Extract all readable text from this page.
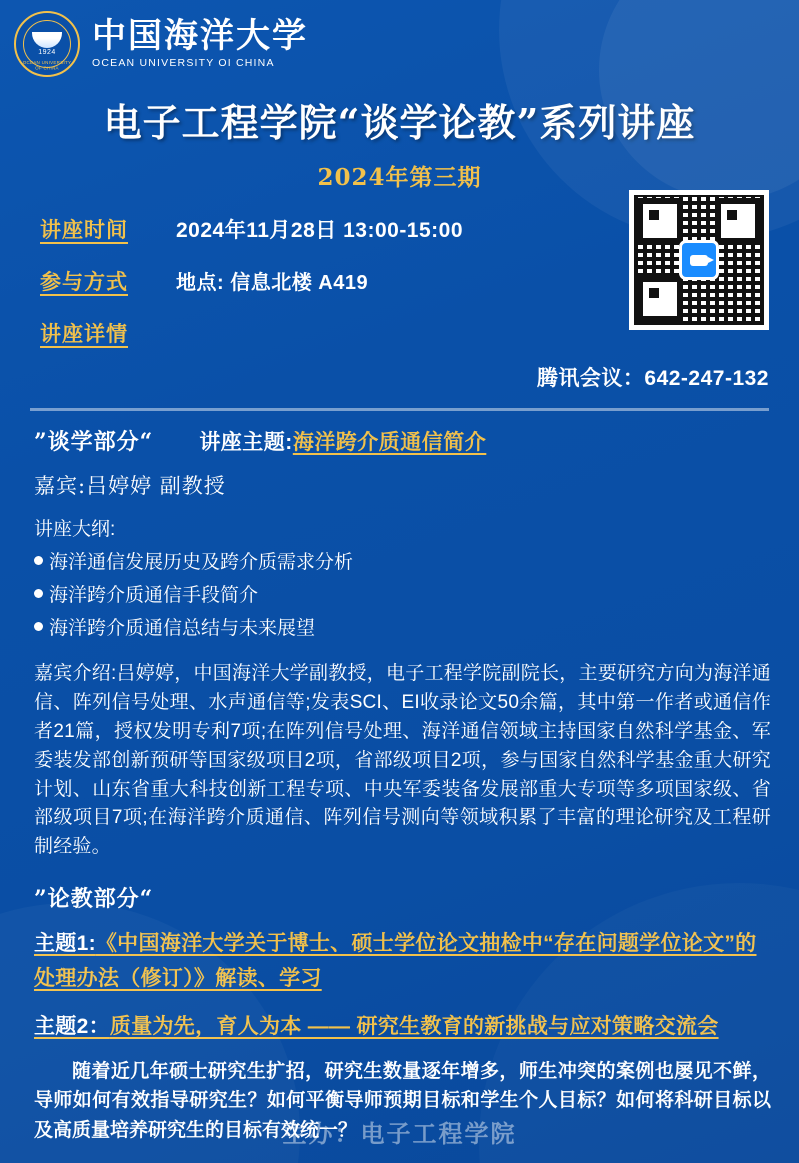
1924
OCEAN UNIVERSITY OF CHINA
中国海洋大学
OCEAN UNIVERSITY OI CHINA
电子工程学院“谈学论教”系列讲座
2024年第三期
讲座时间	2024年11月28日 13:00-15:00
参与方式	地点: 信息北楼 A419
讲座详情
腾讯会议：642-247-132
”谈学部分“ 讲座主题:海洋跨介质通信简介
嘉宾:吕婷婷 副教授
讲座大纲:
海洋通信发展历史及跨介质需求分析
海洋跨介质通信手段简介
海洋跨介质通信总结与未来展望
嘉宾介绍:吕婷婷，中国海洋大学副教授，电子工程学院副院长，主要研究方向为海洋通信、阵列信号处理、水声通信等;发表SCI、EI收录论文50余篇，其中第一作者或通信作者21篇，授权发明专利7项;在阵列信号处理、海洋通信领域主持国家自然科学基金、军委装发部创新预研等国家级项目2项，省部级项目2项，参与国家自然科学基金重大研究计划、山东省重大科技创新工程专项、中央军委装备发展部重大专项等多项国家级、省部级项目7项;在海洋跨介质通信、阵列信号测向等领域积累了丰富的理论研究及工程研制经验。
”论教部分“
主题1:《中国海洋大学关于博士、硕士学位论文抽检中“存在问题学位论文”的处理办法（修订）》解读、学习
主题2：质量为先，育人为本 —— 研究生教育的新挑战与应对策略交流会
随着近几年硕士研究生扩招，研究生数量逐年增多，师生冲突的案例也屡见不鲜，导师如何有效指导研究生？如何平衡导师预期目标和学生个人目标？如何将科研目标以及高质量培养研究生的目标有效统一？
主办：电子工程学院
